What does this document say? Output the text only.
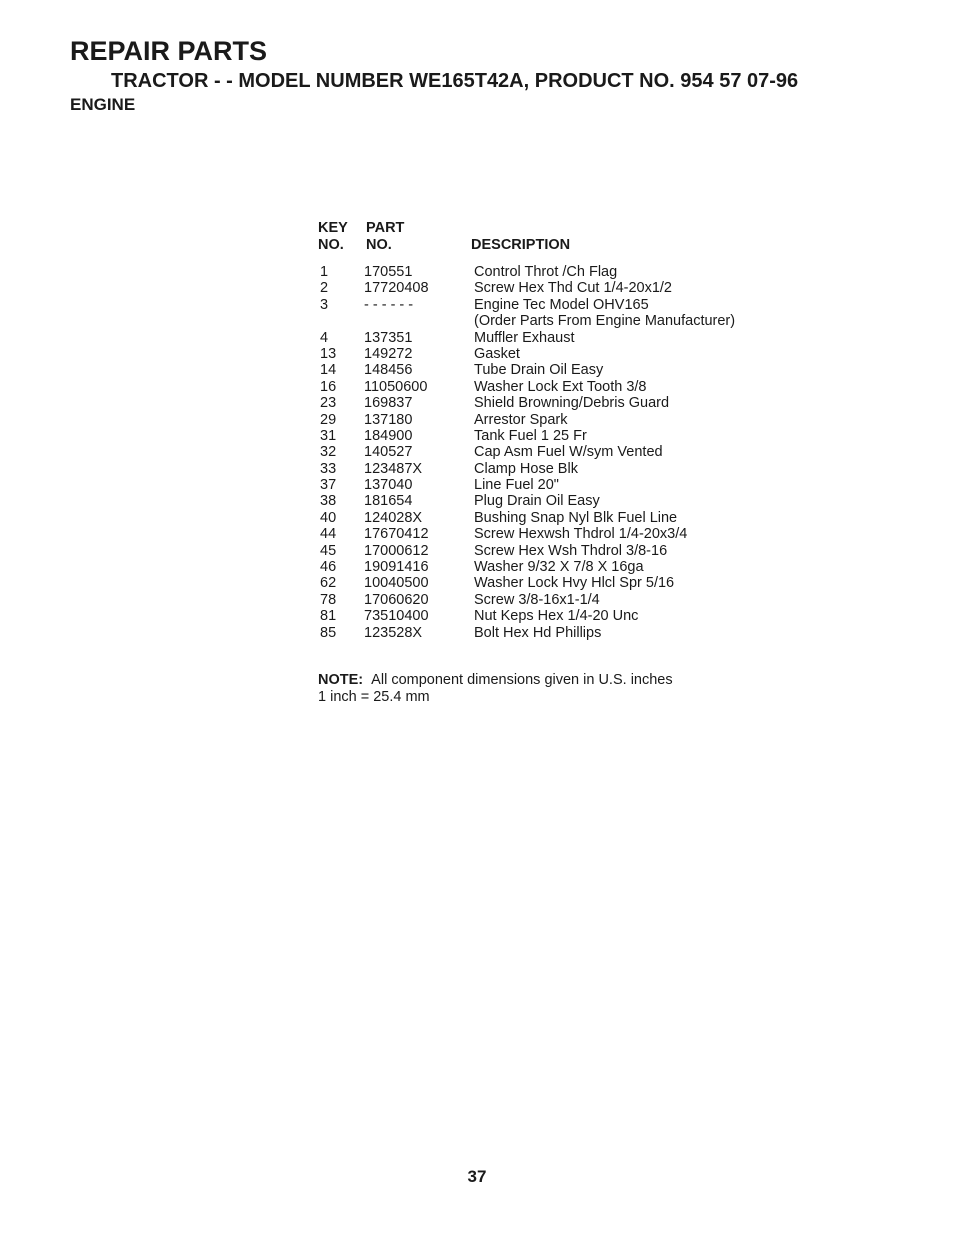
REPAIR PARTS
TRACTOR - - MODEL NUMBER WE165T42A, PRODUCT NO. 954 57 07-96
ENGINE
KEY
NO.
PART
NO.	DESCRIPTION
1 170551	Control Throt /Ch Flag
2 17720408	Screw Hex Thd Cut 1/4-20x1/2
3 - - - - - -	Engine Tec Model OHV165
(Order Parts From Engine Manufacturer)
4 137351	Muffler Exhaust
13 149272	Gasket
14 148456	Tube Drain Oil Easy
16 11050600	Washer Lock Ext Tooth 3/8
23 169837	Shield Browning/Debris Guard
29 137180	Arrestor Spark
31 184900	Tank Fuel 1 25 Fr
32 140527	Cap Asm Fuel W/sym Vented
33 123487X	Clamp Hose Blk
37 137040	Line Fuel 20"
38 181654	Plug Drain Oil Easy
40 124028X	Bushing Snap Nyl Blk Fuel Line
44 17670412	Screw Hexwsh Thdrol 1/4-20x3/4
45 17000612	Screw Hex Wsh Thdrol 3/8-16
46 19091416	Washer 9/32 X 7/8 X 16ga
62 10040500	Washer Lock Hvy Hlcl Spr 5/16
78 17060620	Screw 3/8-16x1-1/4
81 73510400	Nut Keps Hex 1/4-20 Unc
85 123528X	Bolt Hex Hd Phillips
NOTE: All component dimensions given in U.S. inches
1 inch = 25.4 mm
37
